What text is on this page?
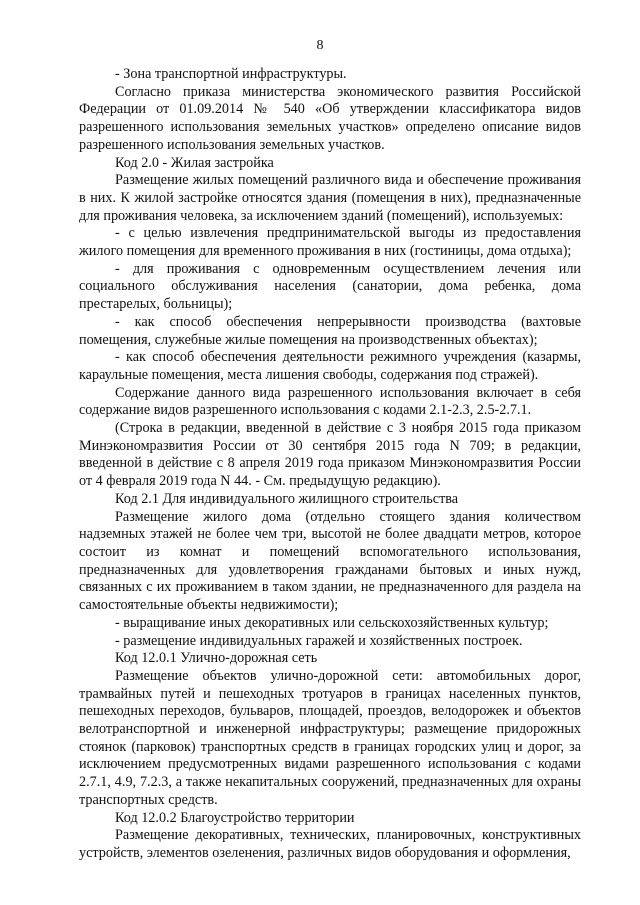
8

- Зона транспортной инфраструктуры.

Согласно приказа министерства экономического развития Российской Федерации от 01.09.2014 № 540 «Об утверждении классификатора видов разрешенного использования земельных участков» определено описание видов разрешенного использования земельных участков.

Код 2.0 - Жилая застройка

Размещение жилых помещений различного вида и обеспечение проживания в них. К жилой застройке относятся здания (помещения в них), предназначенные для проживания человека, за исключением зданий (помещений), используемых:

- с целью извлечения предпринимательской выгоды из предоставления жилого помещения для временного проживания в них (гостиницы, дома отдыха);

- для проживания с одновременным осуществлением лечения или социального обслуживания населения (санатории, дома ребенка, дома престарелых, больницы);

- как способ обеспечения непрерывности производства (вахтовые помещения, служебные жилые помещения на производственных объектах);

- как способ обеспечения деятельности режимного учреждения (казармы, караульные помещения, места лишения свободы, содержания под стражей).

Содержание данного вида разрешенного использования включает в себя содержание видов разрешенного использования с кодами 2.1-2.3, 2.5-2.7.1.

(Строка в редакции, введенной в действие с 3 ноября 2015 года приказом Минэкономразвития России от 30 сентября 2015 года N 709; в редакции, введенной в действие с 8 апреля 2019 года приказом Минэкономразвития России от 4 февраля 2019 года N 44. - См. предыдущую редакцию).

Код 2.1 Для индивидуального жилищного строительства

Размещение жилого дома (отдельно стоящего здания количеством надземных этажей не более чем три, высотой не более двадцати метров, которое состоит из комнат и помещений вспомогательного использования, предназначенных для удовлетворения гражданами бытовых и иных нужд, связанных с их проживанием в таком здании, не предназначенного для раздела на самостоятельные объекты недвижимости);

- выращивание иных декоративных или сельскохозяйственных культур;

- размещение индивидуальных гаражей и хозяйственных построек.

Код 12.0.1 Улично-дорожная сеть

Размещение объектов улично-дорожной сети: автомобильных дорог, трамвайных путей и пешеходных тротуаров в границах населенных пунктов, пешеходных переходов, бульваров, площадей, проездов, велодорожек и объектов велотранспортной и инженерной инфраструктуры; размещение придорожных стоянок (парковок) транспортных средств в границах городских улиц и дорог, за исключением предусмотренных видами разрешенного использования с кодами 2.7.1, 4.9, 7.2.3, а также некапитальных сооружений, предназначенных для охраны транспортных средств.

Код 12.0.2 Благоустройство территории

Размещение декоративных, технических, планировочных, конструктивных устройств, элементов озеленения, различных видов оборудования и оформления,
